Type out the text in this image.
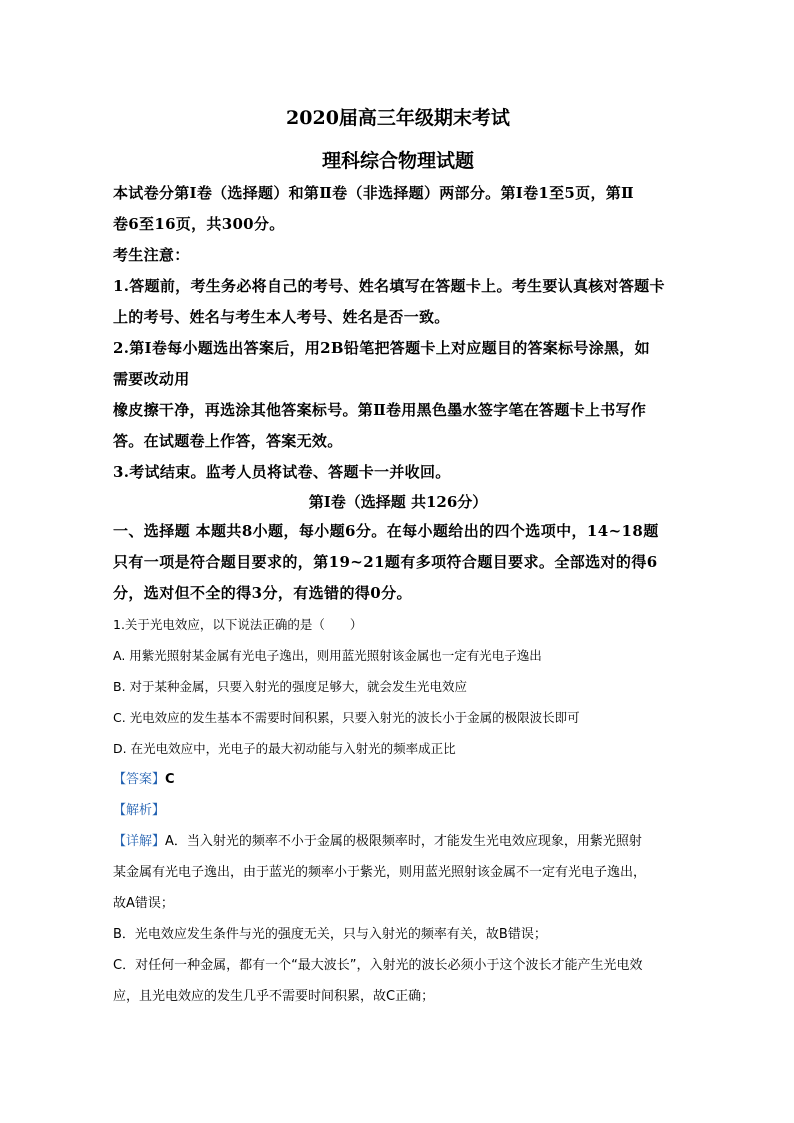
2020届高三年级期末考试
理科综合物理试题

本试卷分第Ⅰ卷（选择题）和第Ⅱ卷（非选择题）两部分。第Ⅰ卷1至5页，第Ⅱ

卷6至16页，共300分。

考生注意：

1.答题前，考生务必将自己的考号、姓名填写在答题卡上。考生要认真核对答题卡

上的考号、姓名与考生本人考号、姓名是否一致。

2.第Ⅰ卷每小题选出答案后，用2B铅笔把答题卡上对应题目的答案标号涂黑，如

需要改动用

橡皮擦干净，再选涂其他答案标号。第Ⅱ卷用黑色墨水签字笔在答题卡上书写作

答。在试题卷上作答，答案无效。

3.考试结束。监考人员将试卷、答题卡一并收回。

第Ⅰ卷（选择题 共126分）

一、选择题 本题共8小题，每小题6分。在每小题给出的四个选项中，14~18题

只有一项是符合题目要求的，第19~21题有多项符合题目要求。全部选对的得6

分，选对但不全的得3分，有选错的得0分。

1.关于光电效应，以下说法正确的是（　　）

A. 用紫光照射某金属有光电子逸出，则用蓝光照射该金属也一定有光电子逸出

B. 对于某种金属，只要入射光的强度足够大，就会发生光电效应

C. 光电效应的发生基本不需要时间积累，只要入射光的波长小于金属的极限波长即可

D. 在光电效应中，光电子的最大初动能与入射光的频率成正比

【答案】C

【解析】

【详解】A．当入射光的频率不小于金属的极限频率时，才能发生光电效应现象，用紫光照射

某金属有光电子逸出，由于蓝光的频率小于紫光，则用蓝光照射该金属不一定有光电子逸出，

故A错误；

B．光电效应发生条件与光的强度无关，只与入射光的频率有关，故B错误；

C．对任何一种金属，都有一个“最大波长”，入射光的波长必须小于这个波长才能产生光电效

应，且光电效应的发生几乎不需要时间积累，故C正确；
